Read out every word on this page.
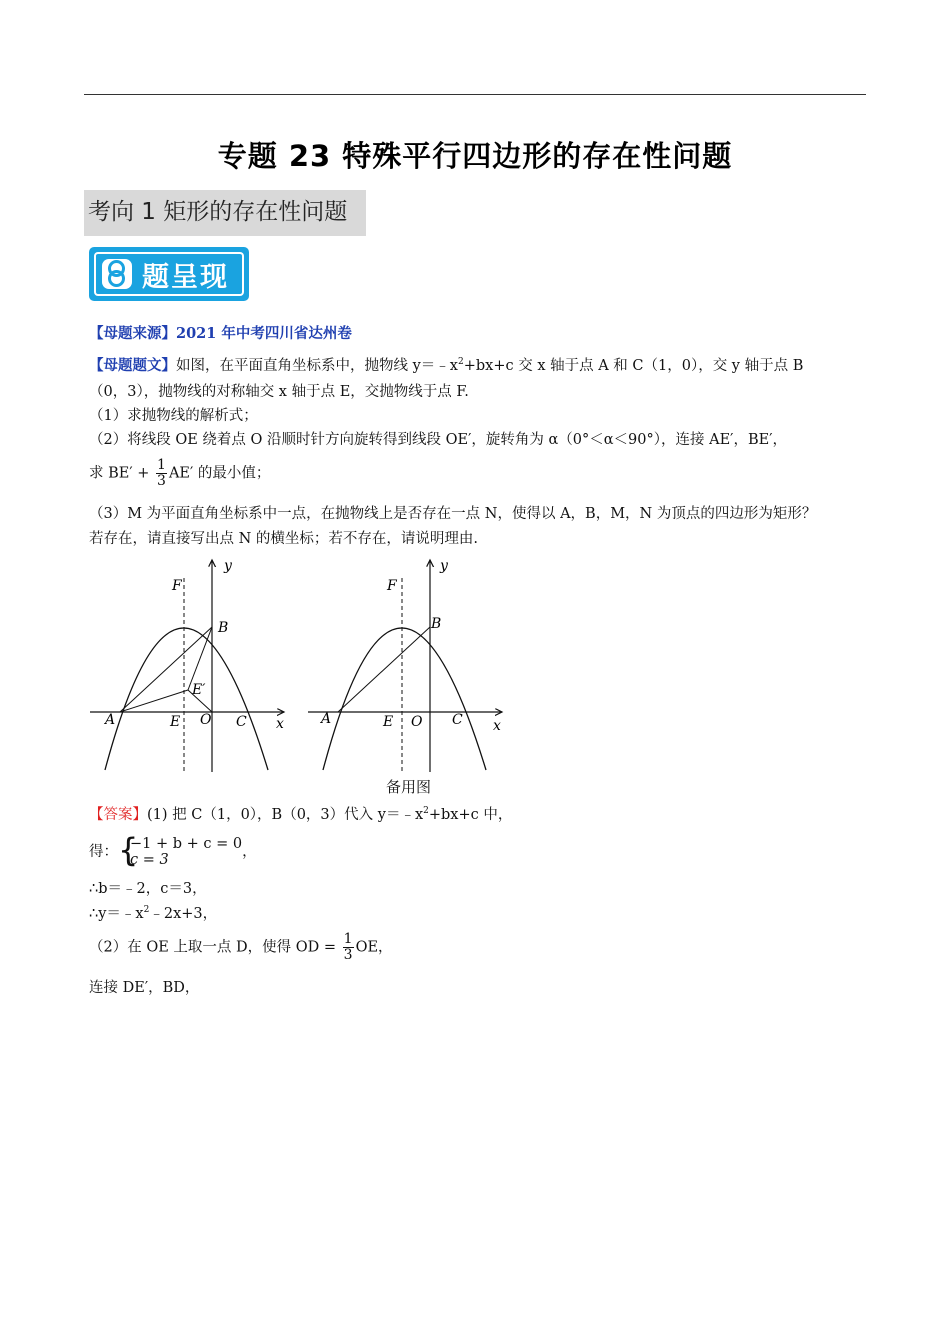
专题 23 特殊平行四边形的存在性问题
考向 1 矩形的存在性问题
题呈现
【母题来源】2021 年中考四川省达州卷
【母题题文】如图，在平面直角坐标系中，抛物线 $y=﹣x^2+bx+c$ 交 x 轴于点 A 和 C（1，0），交 y 轴于点 B
（0，3），抛物线的对称轴交 x 轴于点 E，交抛物线于点 F.
（1）求抛物线的解析式；
（2）将线段 OE 绕着点 O 沿顺时针方向旋转得到线段 OE′，旋转角为 α（0°＜α＜90°），连接 AE′，BE′，
求 $BE' + \frac{1}{3} AE'$ 的最小值；
（3）M 为平面直角坐标系中一点，在抛物线上是否存在一点 N，使得以 A，B，M，N 为顶点的四边形为矩形？
若存在，请直接写出点 N 的横坐标；若不存在，请说明理由.
F
B
E′
A	E O C x
y
F
B
A	E O C x
y
备用图
【答案】(1) 把 C（1，0），B（0，3）代入 $y=﹣x^2+bx+c$ 中，
得： {
−1 + b + c = 0
c = 3	，
∴b＝﹣2，c＝3，
$\therefore y=﹣x^2﹣2x+3$，
（2）在 OE 上取一点 D，使得 OD = $\frac{1}{3}$ OE，
连接 DE′，BD，
